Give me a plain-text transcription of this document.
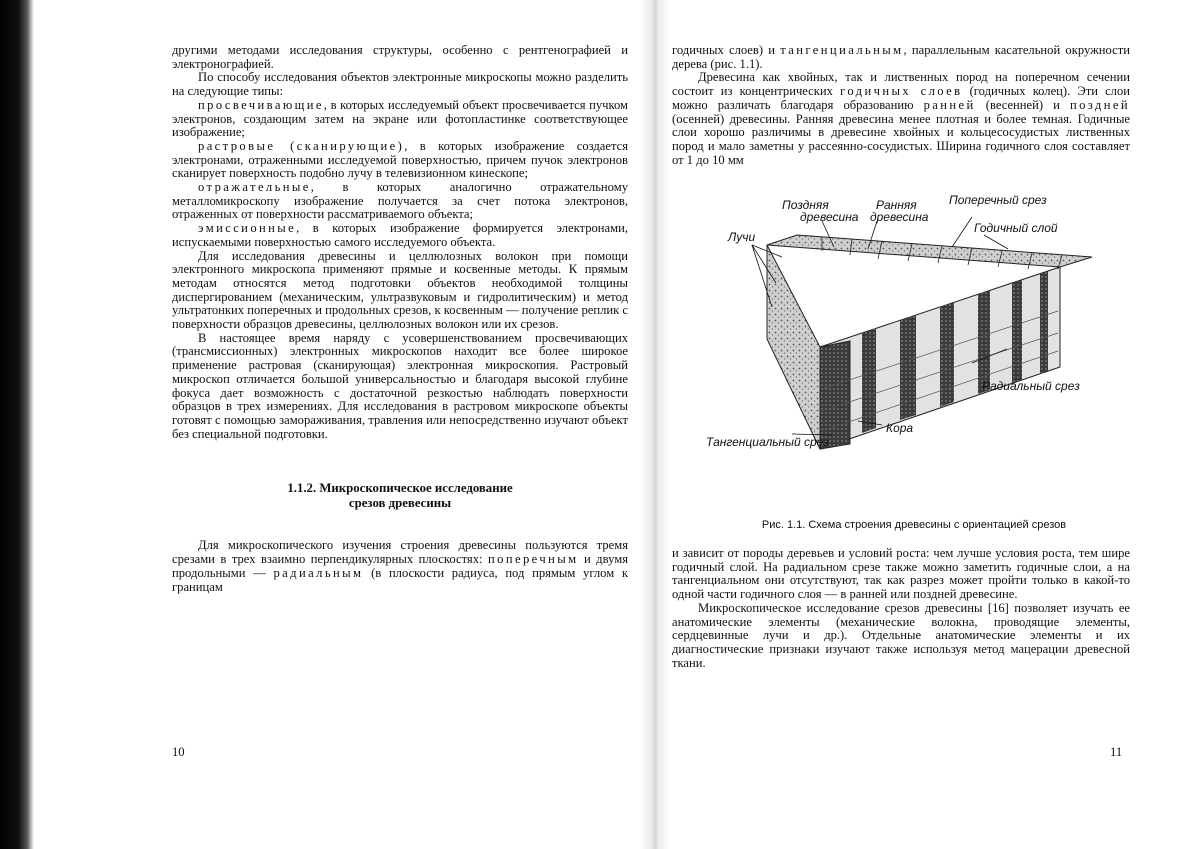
другими методами исследования структуры, особенно с рентгенографией и электронографией.

По способу исследования объектов электронные микроскопы можно разделить на следующие типы:

просвечивающие, в которых исследуемый объект просвечивается пучком электронов, создающим затем на экране или фотопластинке соответствующее изображение;

растровые (сканирующие), в которых изображение создается электронами, отраженными исследуемой поверхностью, причем пучок электронов сканирует поверхность подобно лучу в телевизионном кинескопе;

отражательные, в которых аналогично отражательному металломикроскопу изображение получается за счет потока электронов, отраженных от поверхности рассматриваемого объекта;

эмиссионные, в которых изображение формируется электронами, испускаемыми поверхностью самого исследуемого объекта.

Для исследования древесины и целлюлозных волокон при помощи электронного микроскопа применяют прямые и косвенные методы. К прямым методам относятся метод подготовки объектов необходимой толщины диспергированием (механическим, ультразвуковым и гидролитическим) и метод ультратонких поперечных и продольных срезов, к косвенным — получение реплик с поверхности образцов древесины, целлюлозных волокон или их срезов.

В настоящее время наряду с усовершенствованием просвечивающих (трансмиссионных) электронных микроскопов находит все более широкое применение растровая (сканирующая) электронная микроскопия. Растровый микроскоп отличается большой универсальностью и благодаря высокой глубине фокуса дает возможность с достаточной резкостью наблюдать поверхности образцов в трех измерениях. Для исследования в растровом микроскопе объекты готовят с помощью замораживания, травления или непосредственно изучают объект без специальной подготовки.

1.1.2. Микроскопическое исследование
срезов древесины

Для микроскопического изучения строения древесины пользуются тремя срезами в трех взаимно перпендикулярных плоскостях: поперечным и двумя продольными — радиальным (в плоскости радиуса, под прямым углом к границам

10

годичных слоев) и тангенциальным, параллельным касательной окружности дерева (рис. 1.1).

Древесина как хвойных, так и лиственных пород на поперечном сечении состоит из концентрических годичных слоев (годичных колец). Эти слои можно различать благодаря образованию ранней (весенней) и поздней (осенней) древесины. Ранняя древесина менее плотная и более темная. Годичные слои хорошо различимы в древесине хвойных и кольцесосудистых лиственных пород и мало заметны у рассеянно-сосудистых. Ширина годичного слоя составляет от 1 до 10 мм

Поздняя
древесина
Ранняя
древесина
Поперечный срез
Годичный слой
Лучи
Радиальный срез
Кора
Тангенциальный срез

Рис. 1.1. Схема строения древесины с ориентацией срезов

и зависит от породы деревьев и условий роста: чем лучше условия роста, тем шире годичный слой. На радиальном срезе также можно заметить годичные слои, а на тангенциальном они отсутствуют, так как разрез может пройти только в какой-то одной части годичного слоя — в ранней или поздней древесине.

Микроскопическое исследование срезов древесины [16] позволяет изучать ее анатомические элементы (механические волокна, проводящие элементы, сердцевинные лучи и др.). Отдельные анатомические элементы и их диагностические признаки изучают также используя метод мацерации древесной ткани.

11
